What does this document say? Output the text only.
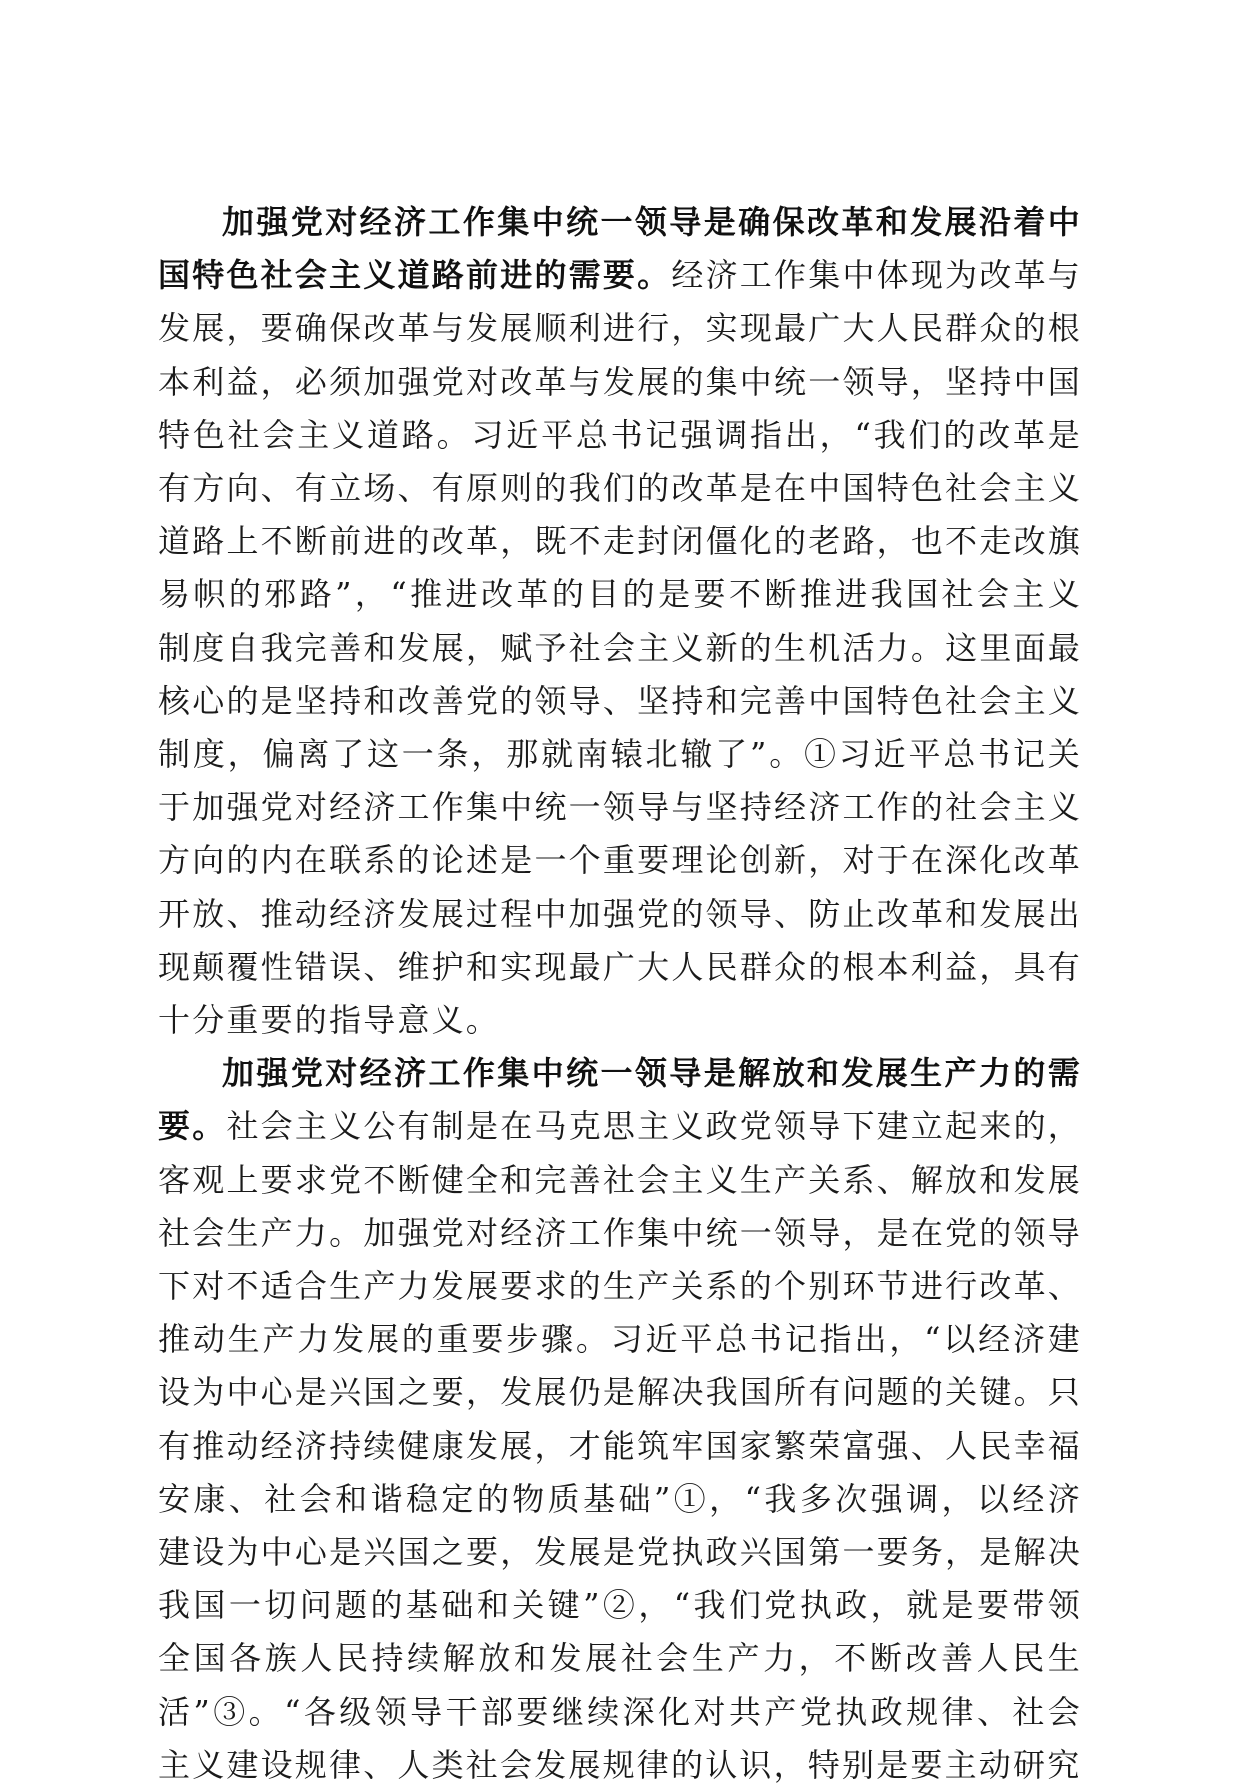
加强党对经济工作集中统一领导是确保改革和发展沿着中国特色社会主义道路前进的需要。经济工作集中体现为改革与发展，要确保改革与发展顺利进行，实现最广大人民群众的根本利益，必须加强党对改革与发展的集中统一领导，坚持中国特色社会主义道路。习近平总书记强调指出，“我们的改革是有方向、有立场、有原则的我们的改革是在中国特色社会主义道路上不断前进的改革，既不走封闭僵化的老路，也不走改旗易帜的邪路”，“推进改革的目的是要不断推进我国社会主义制度自我完善和发展，赋予社会主义新的生机活力。这里面最核心的是坚持和改善党的领导、坚持和完善中国特色社会主义制度，偏离了这一条，那就南辕北辙了”。①习近平总书记关于加强党对经济工作集中统一领导与坚持经济工作的社会主义方向的内在联系的论述是一个重要理论创新，对于在深化改革开放、推动经济发展过程中加强党的领导、防止改革和发展出现颠覆性错误、维护和实现最广大人民群众的根本利益，具有十分重要的指导意义。

加强党对经济工作集中统一领导是解放和发展生产力的需要。社会主义公有制是在马克思主义政党领导下建立起来的，客观上要求党不断健全和完善社会主义生产关系、解放和发展社会生产力。加强党对经济工作集中统一领导，是在党的领导下对不适合生产力发展要求的生产关系的个别环节进行改革、推动生产力发展的重要步骤。习近平总书记指出，“以经济建设为中心是兴国之要，发展仍是解决我国所有问题的关键。只有推动经济持续健康发展，才能筑牢国家繁荣富强、人民幸福安康、社会和谐稳定的物质基础”①，“我多次强调，以经济建设为中心是兴国之要，发展是党执政兴国第一要务，是解决我国一切问题的基础和关键”②，“我们党执政，就是要带领全国各族人民持续解放和发展社会生产力，不断改善人民生活”③。“各级领导干部要继续深化对共产党执政规律、社会主义建设规律、人类社会发展规律的认识，特别是要主动研究
